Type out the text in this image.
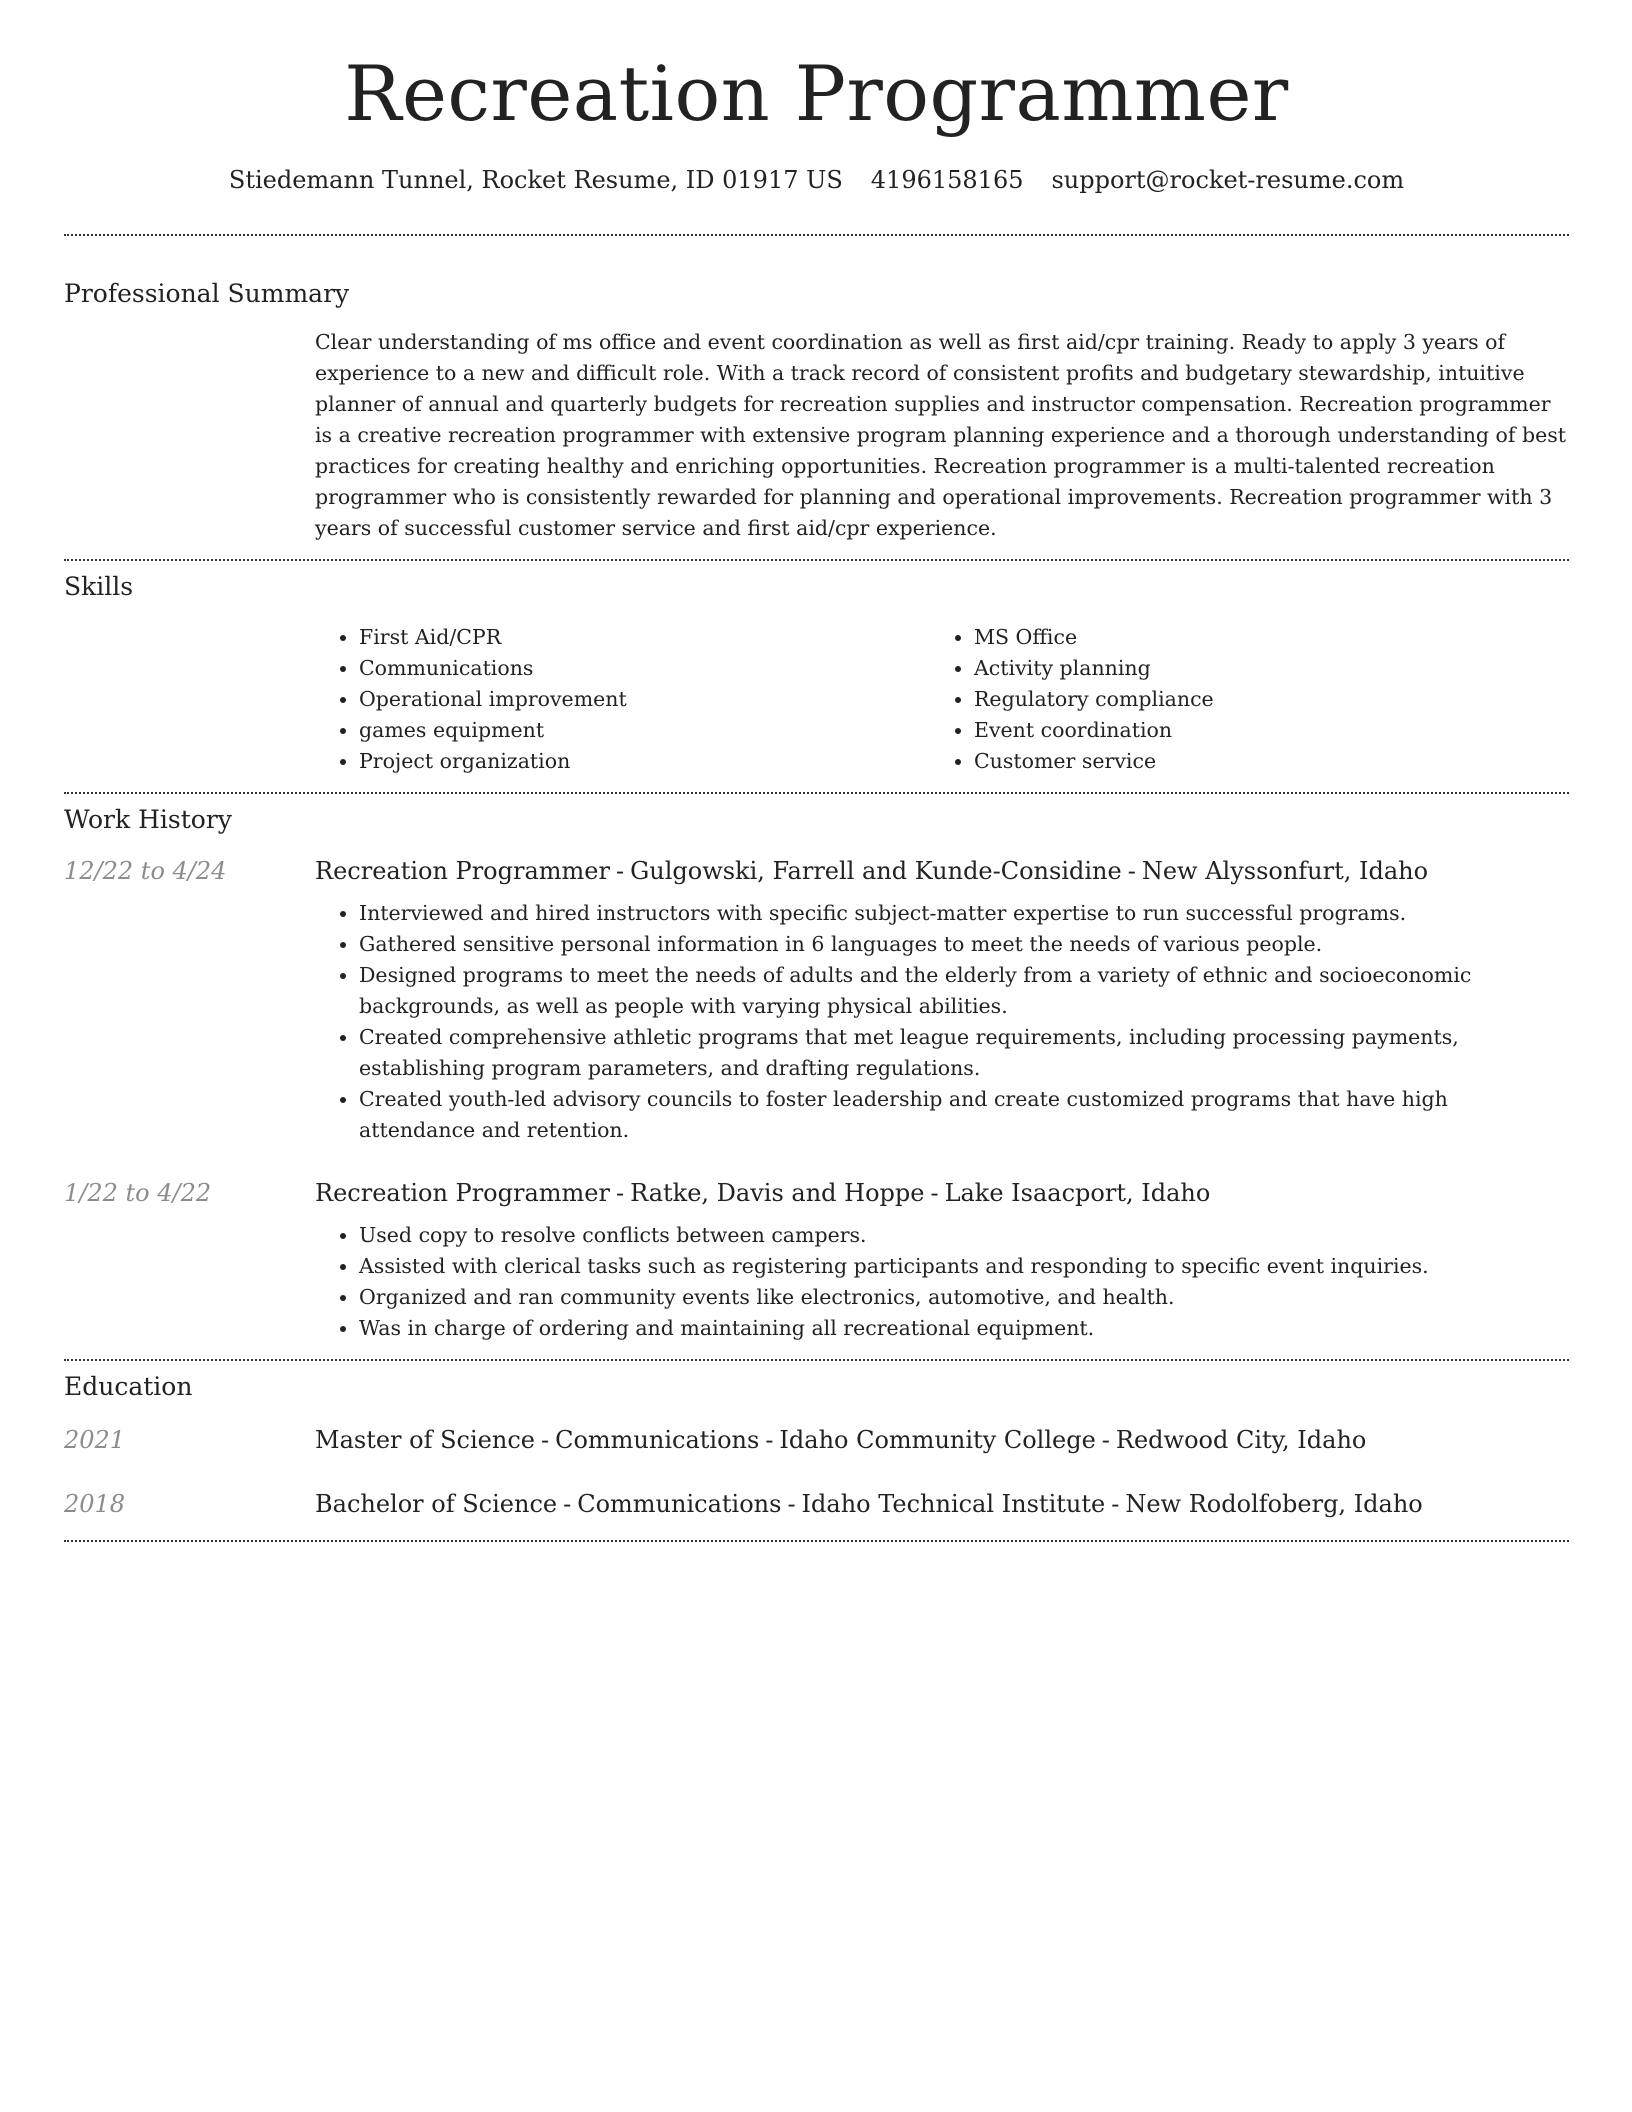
Recreation Programmer
Stiedemann Tunnel, Rocket Resume, ID 01917 US 4196158165 support@rocket-resume.com
Professional Summary

Clear understanding of ms office and event coordination as well as first aid/cpr training. Ready to apply 3 years of experience to a new and difficult role. With a track record of consistent profits and budgetary stewardship, intuitive planner of annual and quarterly budgets for recreation supplies and instructor compensation. Recreation programmer is a creative recreation programmer with extensive program planning experience and a thorough understanding of best practices for creating healthy and enriching opportunities. Recreation programmer is a multi-talented recreation programmer who is consistently rewarded for planning and operational improvements. Recreation programmer with 3 years of successful customer service and first aid/cpr experience.

Skills
• First Aid/CPR
• Communications
• Operational improvement
• games equipment
• Project organization
• MS Office
• Activity planning
• Regulatory compliance
• Event coordination
• Customer service
Work History
12/22 to 4/24	Recreation Programmer - Gulgowski, Farrell and Kunde-Considine - New Alyssonfurt, Idaho
• Interviewed and hired instructors with specific subject-matter expertise to run successful programs.
• Gathered sensitive personal information in 6 languages to meet the needs of various people.
• Designed programs to meet the needs of adults and the elderly from a variety of ethnic and socioeconomic backgrounds, as well as people with varying physical abilities.
• Created comprehensive athletic programs that met league requirements, including processing payments, establishing program parameters, and drafting regulations.
• Created youth-led advisory councils to foster leadership and create customized programs that have high attendance and retention.
1/22 to 4/22	Recreation Programmer - Ratke, Davis and Hoppe - Lake Isaacport, Idaho
• Used copy to resolve conflicts between campers.
• Assisted with clerical tasks such as registering participants and responding to specific event inquiries.
• Organized and ran community events like electronics, automotive, and health.
• Was in charge of ordering and maintaining all recreational equipment.
Education
2021	Master of Science - Communications - Idaho Community College - Redwood City, Idaho
2018	Bachelor of Science - Communications - Idaho Technical Institute - New Rodolfoberg, Idaho
